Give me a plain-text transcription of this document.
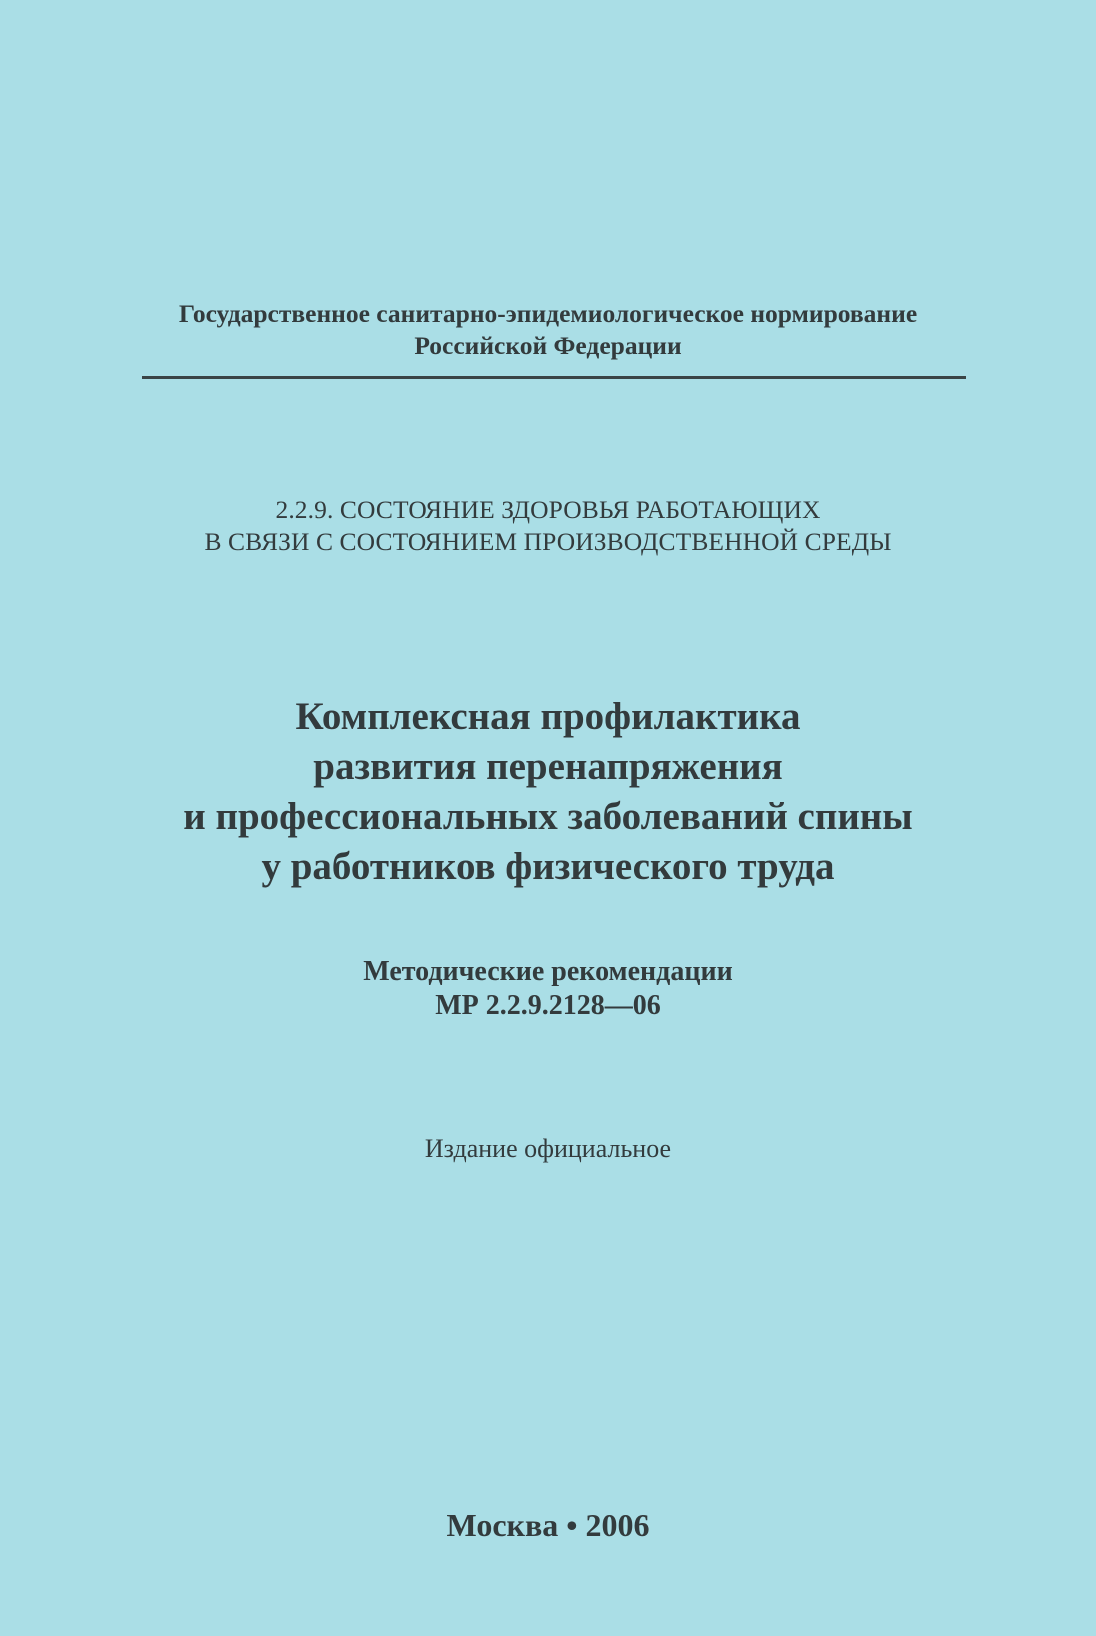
Государственное санитарно-эпидемиологическое нормирование
Российской Федерации
2.2.9. СОСТОЯНИЕ ЗДОРОВЬЯ РАБОТАЮЩИХ
В СВЯЗИ С СОСТОЯНИЕМ ПРОИЗВОДСТВЕННОЙ СРЕДЫ
Комплексная профилактика
развития перенапряжения
и профессиональных заболеваний спины
у работников физического труда
Методические рекомендации
МР 2.2.9.2128—06
Издание официальное
Москва • 2006
